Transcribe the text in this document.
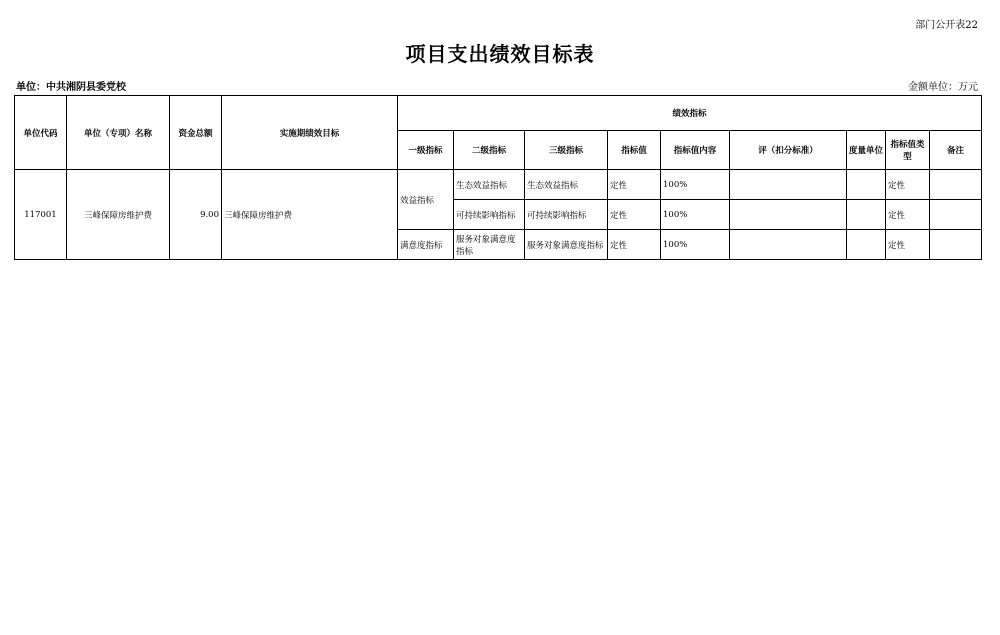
部门公开表22
项目支出绩效目标表
单位：中共湘阴县委党校	金额单位：万元
单位代码	单位（专项）名称	资金总额	实施期绩效目标	绩效指标								
				一级指标	二级指标	三级指标	指标值	指标值内容	评（扣分标准）	度量单位	指标值类型	备注
117001	三峰保障房维护费	9.00	三峰保障房维护费	效益指标	生态效益指标	生态效益指标	定性	100%			定性	
					可持续影响指标	可持续影响指标	定性	100%			定性	
				满意度指标	服务对象满意度指标	服务对象满意度指标	定性	100%			定性	
